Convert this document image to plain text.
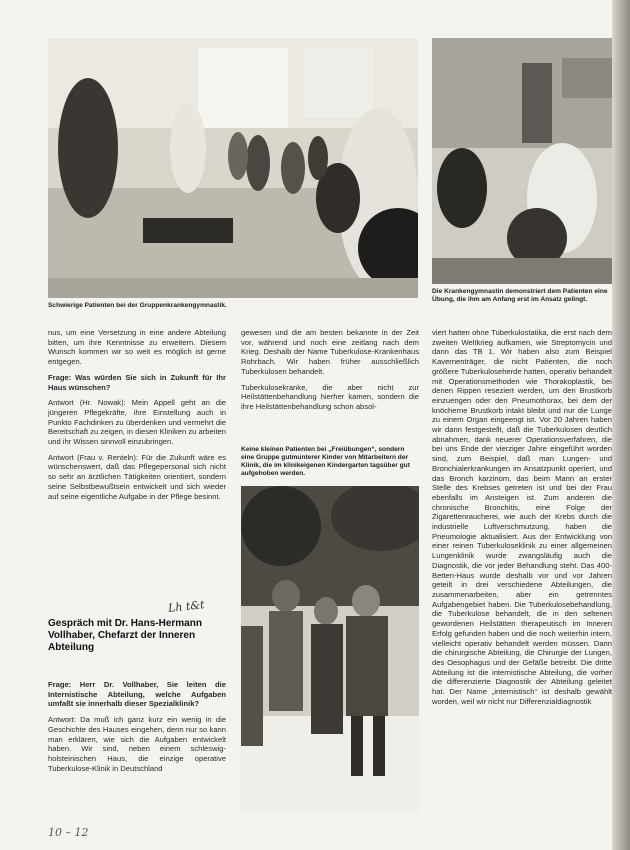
Schwierige Patienten bei der Gruppenkrankengymnastik.
Die Krankengymnastin demonstriert dem Patienten eine Übung, die ihm am Anfang erst im Ansatz gelingt.

nus, um eine Versetzung in eine andere Abteilung bitten, um ihre Kenntnisse zu erweitern. Diesem Wunsch kommen wir so weit es möglich ist gerne entgegen.

Frage: Was würden Sie sich in Zukunft für Ihr Haus wünschen?

Antwort (Hr. Nowak): Mein Appell geht an die jüngeren Pflegekräfte, ihre Einstellung auch in Punkto Fachdinken zu überdenken und vermehrt die Bereitschaft zu zeigen, in diesen Kliniken zu arbeiten und ihr Wissen sinnvoll einzubringen.

Antwort (Frau v. Renteln): Für die Zukunft wäre es wünschenswert, daß das Pflegepersonal sich nicht so sehr an ärztlichen Tätigkeiten orientiert, sondern seine Selbstbewußtsein entwickelt und sich wieder auf seine eigentliche Aufgabe in der Pflege besinnt.

Lh t&t
Gespräch mit Dr. Hans-Hermann Vollhaber, Chefarzt der Inneren Abteilung

Frage: Herr Dr. Vollhaber, Sie leiten die Internistische Abteilung, welche Aufgaben umfaßt sie innerhalb dieser Spezialklinik?

Antwort: Da muß ich ganz kurz ein wenig in die Geschichte des Hauses eingehen, denn nur so kann man erklären, wie sich die Aufgaben entwickelt haben. Wir sind, neben einem schleswig-holsteinischen Haus, die einzige operative Tuberkulose-Klinik in Deutschland

gewesen und die am besten bekannte in der Zeit vor, während und noch eine zeitlang nach dem Krieg. Deshalb der Name Tuberkulose-Krankenhaus Rohrbach. Wir haben früher ausschließlich Tuberkulosen behandelt.

Tuberkulosekranke, die aber nicht zur Heilstättenbehandlung hierher kamen, sondern die ihre Heilstättenbehandlung schon absol-

Keine kleinen Patienten bei „Freiübungen“, sondern eine Gruppe gutmunterer Kinder von Mitarbeitern der Klinik, die im klinikeigenen Kindergarten tagsüber gut aufgehoben werden.

viert hatten ohne Tuberkulostatika, die erst nach dem zweiten Weltkrieg aufkamen, wie Streptomycin und dann das TB 1. Wir haben also zum Beispiel Kavernenträger, die nicht Patienten, die noch größere Tuberkuloseherde hatten, operativ behandelt mit Operationsmethoden wie Thorakoplastik, bei denen Rippen reseziert werden, um den Brustkorb einzuengen oder den Pneumothorax, bei dem der knöcherne Brustkorb intakt bleibt und nur die Lunge zu einem Organ eingeengt ist. Vor 20 Jahren haben wir dann festgestellt, daß die Tuberkulosen deutlich abnahmen, dank neuerer Operationsverfahren, die bei uns Ende der vierziger Jahre eingeführt worden sind, zum Beispiel, daß man Lungen- und Bronchialerkrankungen im Ansatzpunkt operiert, und das Bronch karzinom, das beim Mann an erster Stelle des Krebses getreten ist und bei der Frau ebenfalls im Ansteigen ist. Zum anderen die chronische Bronchitis, eine Folge der Zigarettenraucherei, wie auch der Krebs durch die industrielle Luftverschmutzung, haben die Pneumologie aktualisiert. Aus der Entwicklung von einer reinen Tuberkuloseklinik zu einer allgemeinen Lungenklinik wurde zwangsläufig auch die Diagnostik, die vor jeder Behandlung steht. Das 400-Betten-Haus wurde deshalb vor und vor Jahren geteilt in drei verschiedene Abteilungen, die zusammenarbeiten, aber ein getrenntes Aufgabengebiet haben. Die Tuberkulosebehandlung, die Tuberkulose behandelt, die in den seltenen gewordenen Heilstätten therapeutisch im Inneren Erfolg gefunden haben und die noch weiterhin intern, vielleicht operativ behandelt werden müssen. Dann die chirurgische Abteilung, die Chirurgie der Lungen, des Oesophagus und der Gefäße betreibt. Die dritte Abteilung ist die internistische Abteilung, die vorher die differenzierte Diagnostik der Abteilung geleitet hat. Der Name „internistisch“ ist deshalb gewählt worden, weil wir nicht nur Differenzialdiagnostik

10 – 12
